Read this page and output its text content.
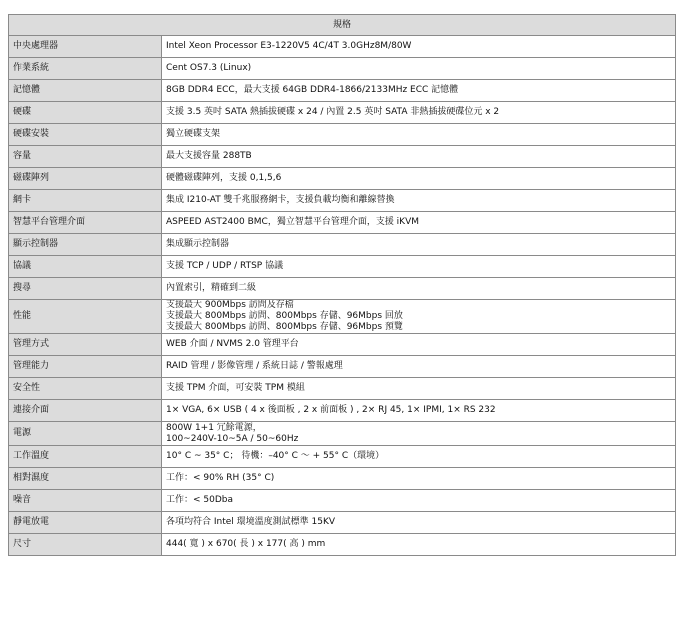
規格	
中央處理器	Intel Xeon Processor E3-1220V5 4C/4T 3.0GHz8M/80W

作業系統	Cent OS7.3 (Linux)

記憶體	8GB DDR4 ECC，最大支援 64GB DDR4-1866/2133MHz ECC 記憶體

硬碟	支援 3.5 英吋 SATA 熱插拔硬碟 x 24 / 內置 2.5 英吋 SATA 非熱插拔硬碟位元 x 2

硬碟安裝	獨立硬碟支架

容量	最大支援容量 288TB

磁碟陣列	硬體磁碟陣列，支援 0,1,5,6

網卡	集成 I210-AT 雙千兆服務網卡，支援負載均衡和離線替換

智慧平台管理介面	ASPEED AST2400 BMC，獨立智慧平台管理介面，支援 iKVM

顯示控制器	集成顯示控制器

協議	支援 TCP / UDP / RTSP 協議

搜尋	內置索引，精確到二級

性能	支援最大 900Mbps 訪問及存檔
支援最大 800Mbps 訪問、800Mbps 存儲、96Mbps 回放
支援最大 800Mbps 訪問、800Mbps 存儲、96Mbps 預覽

管理方式	WEB 介面 / NVMS 2.0 管理平台

管理能力	RAID 管理 / 影像管理 / 系統日誌 / 警報處理

安全性	支援 TPM 介面，可安裝 TPM 模組

連接介面	1× VGA, 6× USB ( 4 x 後面板 , 2 x 前面板 ) , 2× RJ 45, 1× IPMI, 1× RS 232

電源	800W 1+1 冗餘電源，
100~240V-10~5A / 50~60Hz

工作溫度	10° C ~ 35° C； 待機：–40° C ～ + 55° C（環境）

相對濕度	工作：< 90% RH (35° C)

噪音	工作：< 50Dba

靜電放電	各項均符合 Intel 環境溫度測試標準 15KV

尺寸	444( 寬 ) x 670( 長 ) x 177( 高 ) mm
